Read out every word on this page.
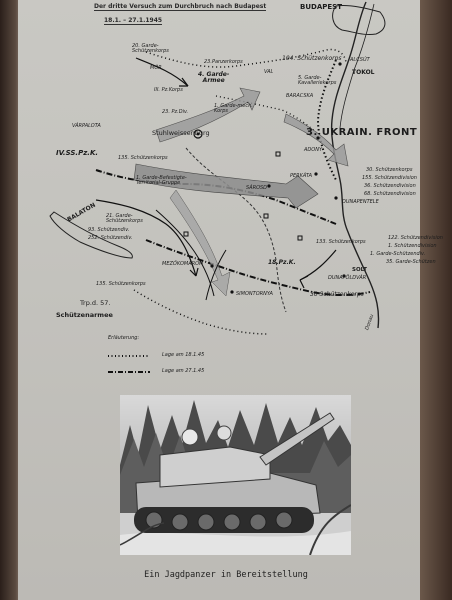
Der dritte Versuch zum Durchbruch nach Budapest
18.1. – 27.1.1945
BUDAPEST
TOKOL
BARACSKA
VAL
ALCSÚT
MÓR
VÁRPALOTA
Stuhlweissenburg
ADONY
PERKÁTA
SÁROSD
DUNAPENTELE
MEZŐKOMÁROM
SIMONTORNYA
DUNAFÖLDVÁR
SOLT
BALATON
Donau
3. UKRAIN. FRONT
20. Garde-
Schützenkorps
23.Panzerkorps	104. Schützenkorps
4. Garde-
Armee	5. Garde-
Kavalleriekorps
III. Pz.Korps
23. Pz.Div.
1. Garde-mech.
Korps
IV.SS.Pz.K.
135. Schützenkorps
1. Garde-Befestigte-
Territorial-Gruppe
21. Garde-
Schützenkorps
93. Schützendiv.
252. Schützendiv.
133. Schützenkorps
18.Pz.K.
135. Schützenkorps
30. Schützenkorps
155. Schützendivision
36. Schützendivision
68. Schützendivision
122. Schützendivision
1. Schützendivision
1. Garde-Schützendiv.
35. Garde-Schützen
30 Schützenkorps
Trp.d. 57.
Schützenarmee
Erläuterung:
Lage am 18.1.45
Lage am 27.1.45
Ein Jagdpanzer in Bereitstellung
